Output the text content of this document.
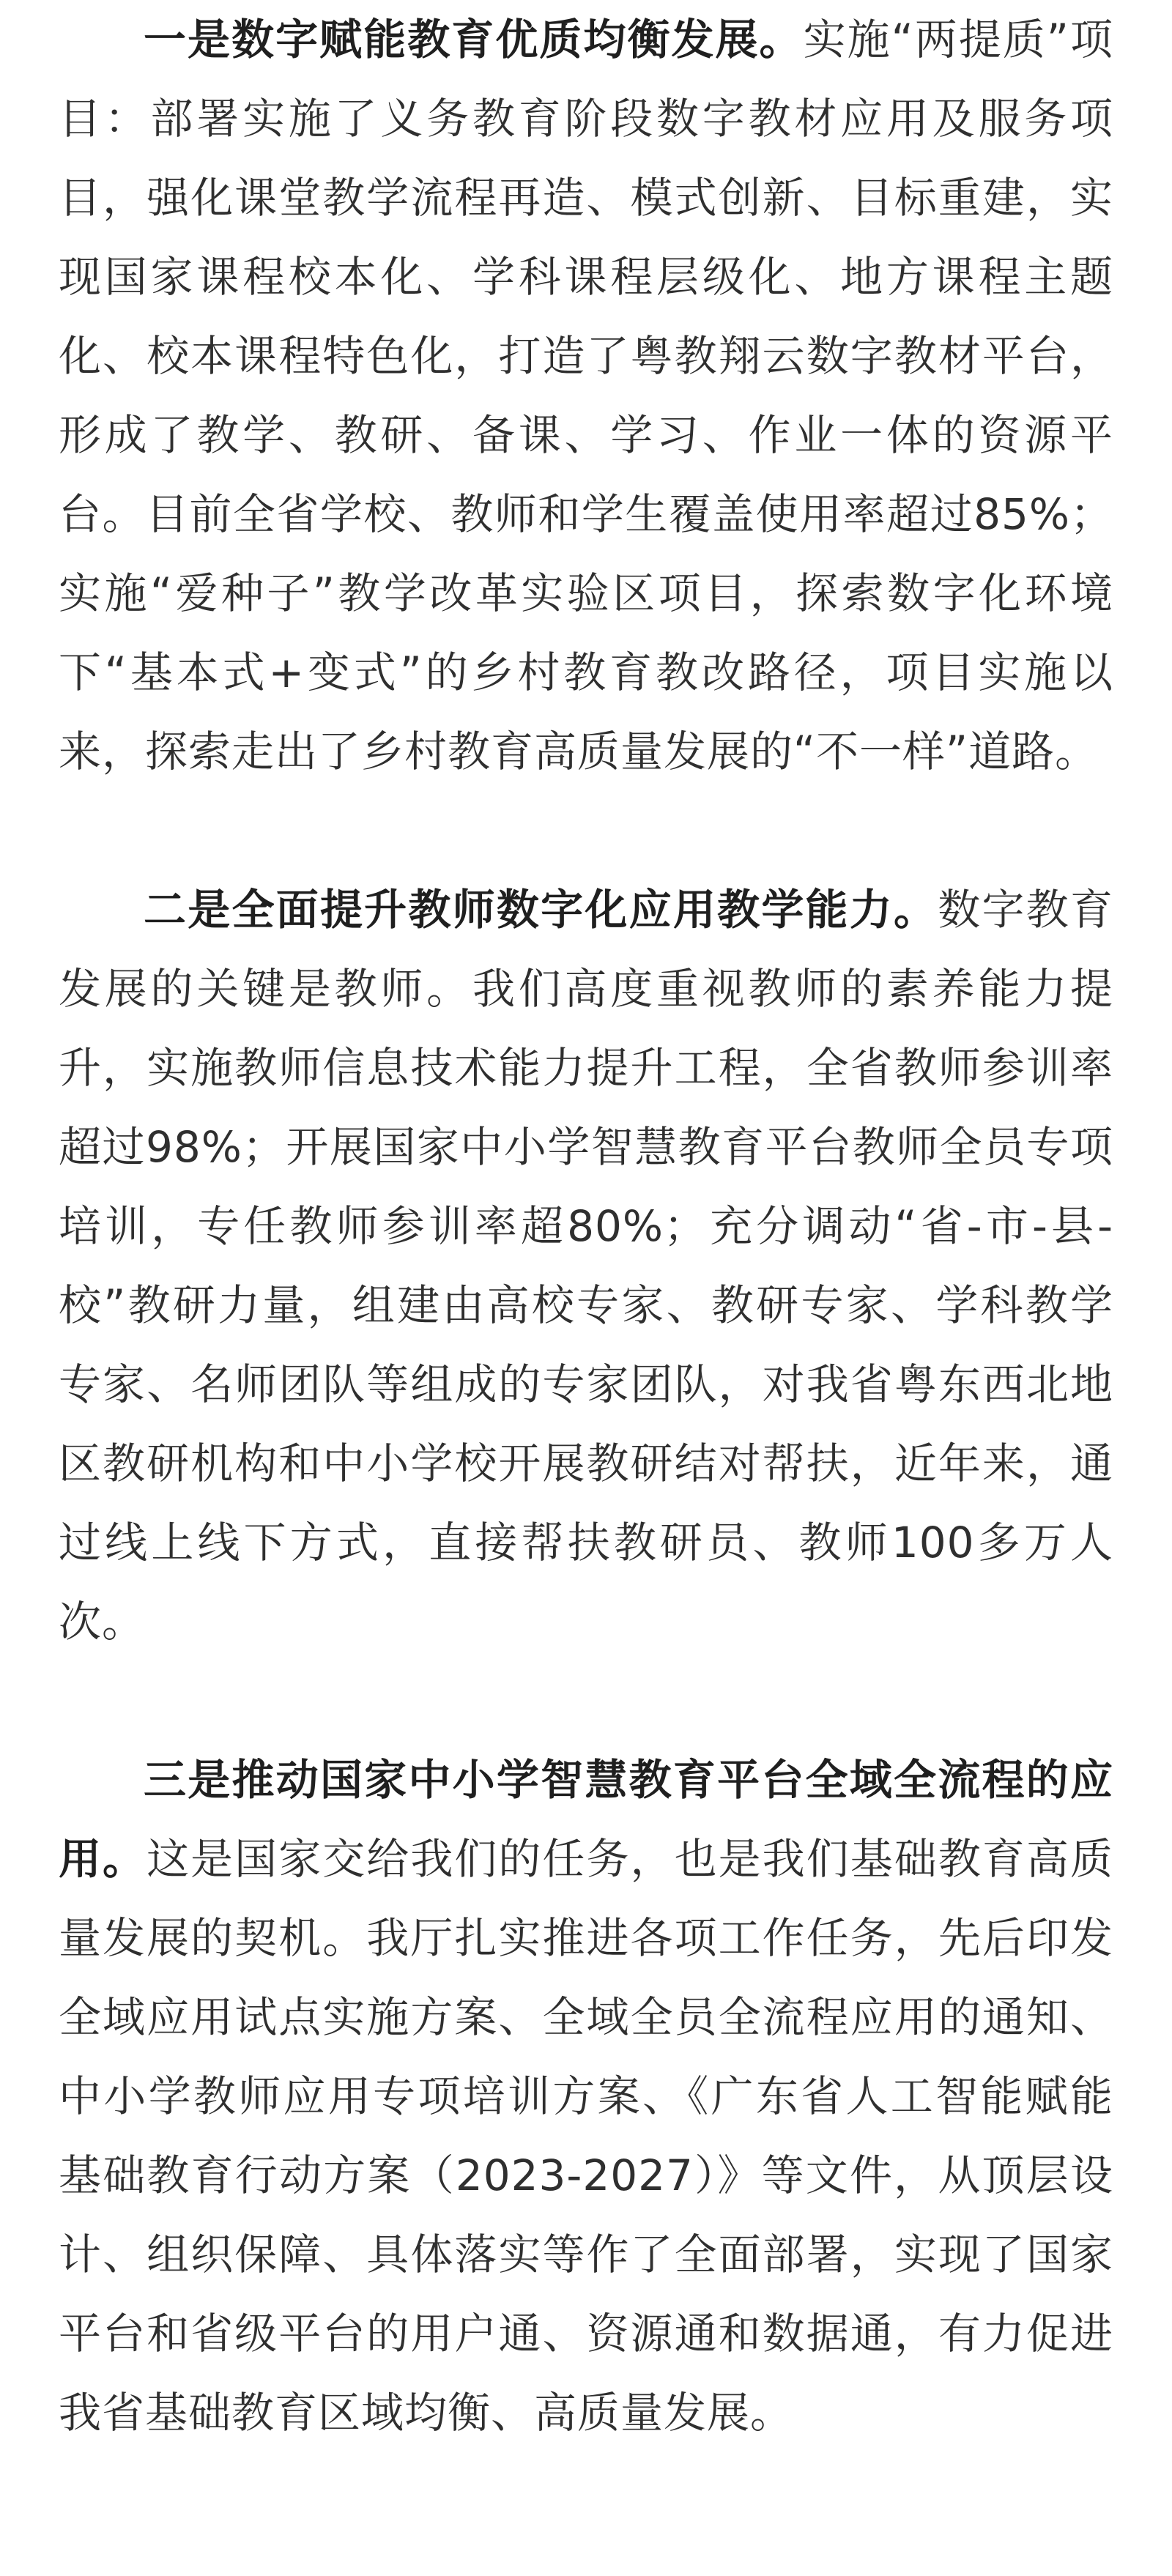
一是数字赋能教育优质均衡发展。实施“两提质”项目：部署实施了义务教育阶段数字教材应用及服务项目，强化课堂教学流程再造、模式创新、目标重建，实现国家课程校本化、学科课程层级化、地方课程主题化、校本课程特色化，打造了粤教翔云数字教材平台，形成了教学、教研、备课、学习、作业一体的资源平台。目前全省学校、教师和学生覆盖使用率超过85%；实施“爱种子”教学改革实验区项目，探索数字化环境下“基本式+变式”的乡村教育教改路径，项目实施以来，探索走出了乡村教育高质量发展的“不一样”道路。

二是全面提升教师数字化应用教学能力。数字教育发展的关键是教师。我们高度重视教师的素养能力提升，实施教师信息技术能力提升工程，全省教师参训率超过98%；开展国家中小学智慧教育平台教师全员专项培训，专任教师参训率超80%；充分调动“省-市-县-校”教研力量，组建由高校专家、教研专家、学科教学专家、名师团队等组成的专家团队，对我省粤东西北地区教研机构和中小学校开展教研结对帮扶，近年来，通过线上线下方式，直接帮扶教研员、教师100多万人次。

三是推动国家中小学智慧教育平台全域全流程的应用。这是国家交给我们的任务，也是我们基础教育高质量发展的契机。我厅扎实推进各项工作任务，先后印发全域应用试点实施方案、全域全员全流程应用的通知、中小学教师应用专项培训方案、《广东省人工智能赋能基础教育行动方案（2023-2027）》等文件，从顶层设计、组织保障、具体落实等作了全面部署，实现了国家平台和省级平台的用户通、资源通和数据通，有力促进我省基础教育区域均衡、高质量发展。
